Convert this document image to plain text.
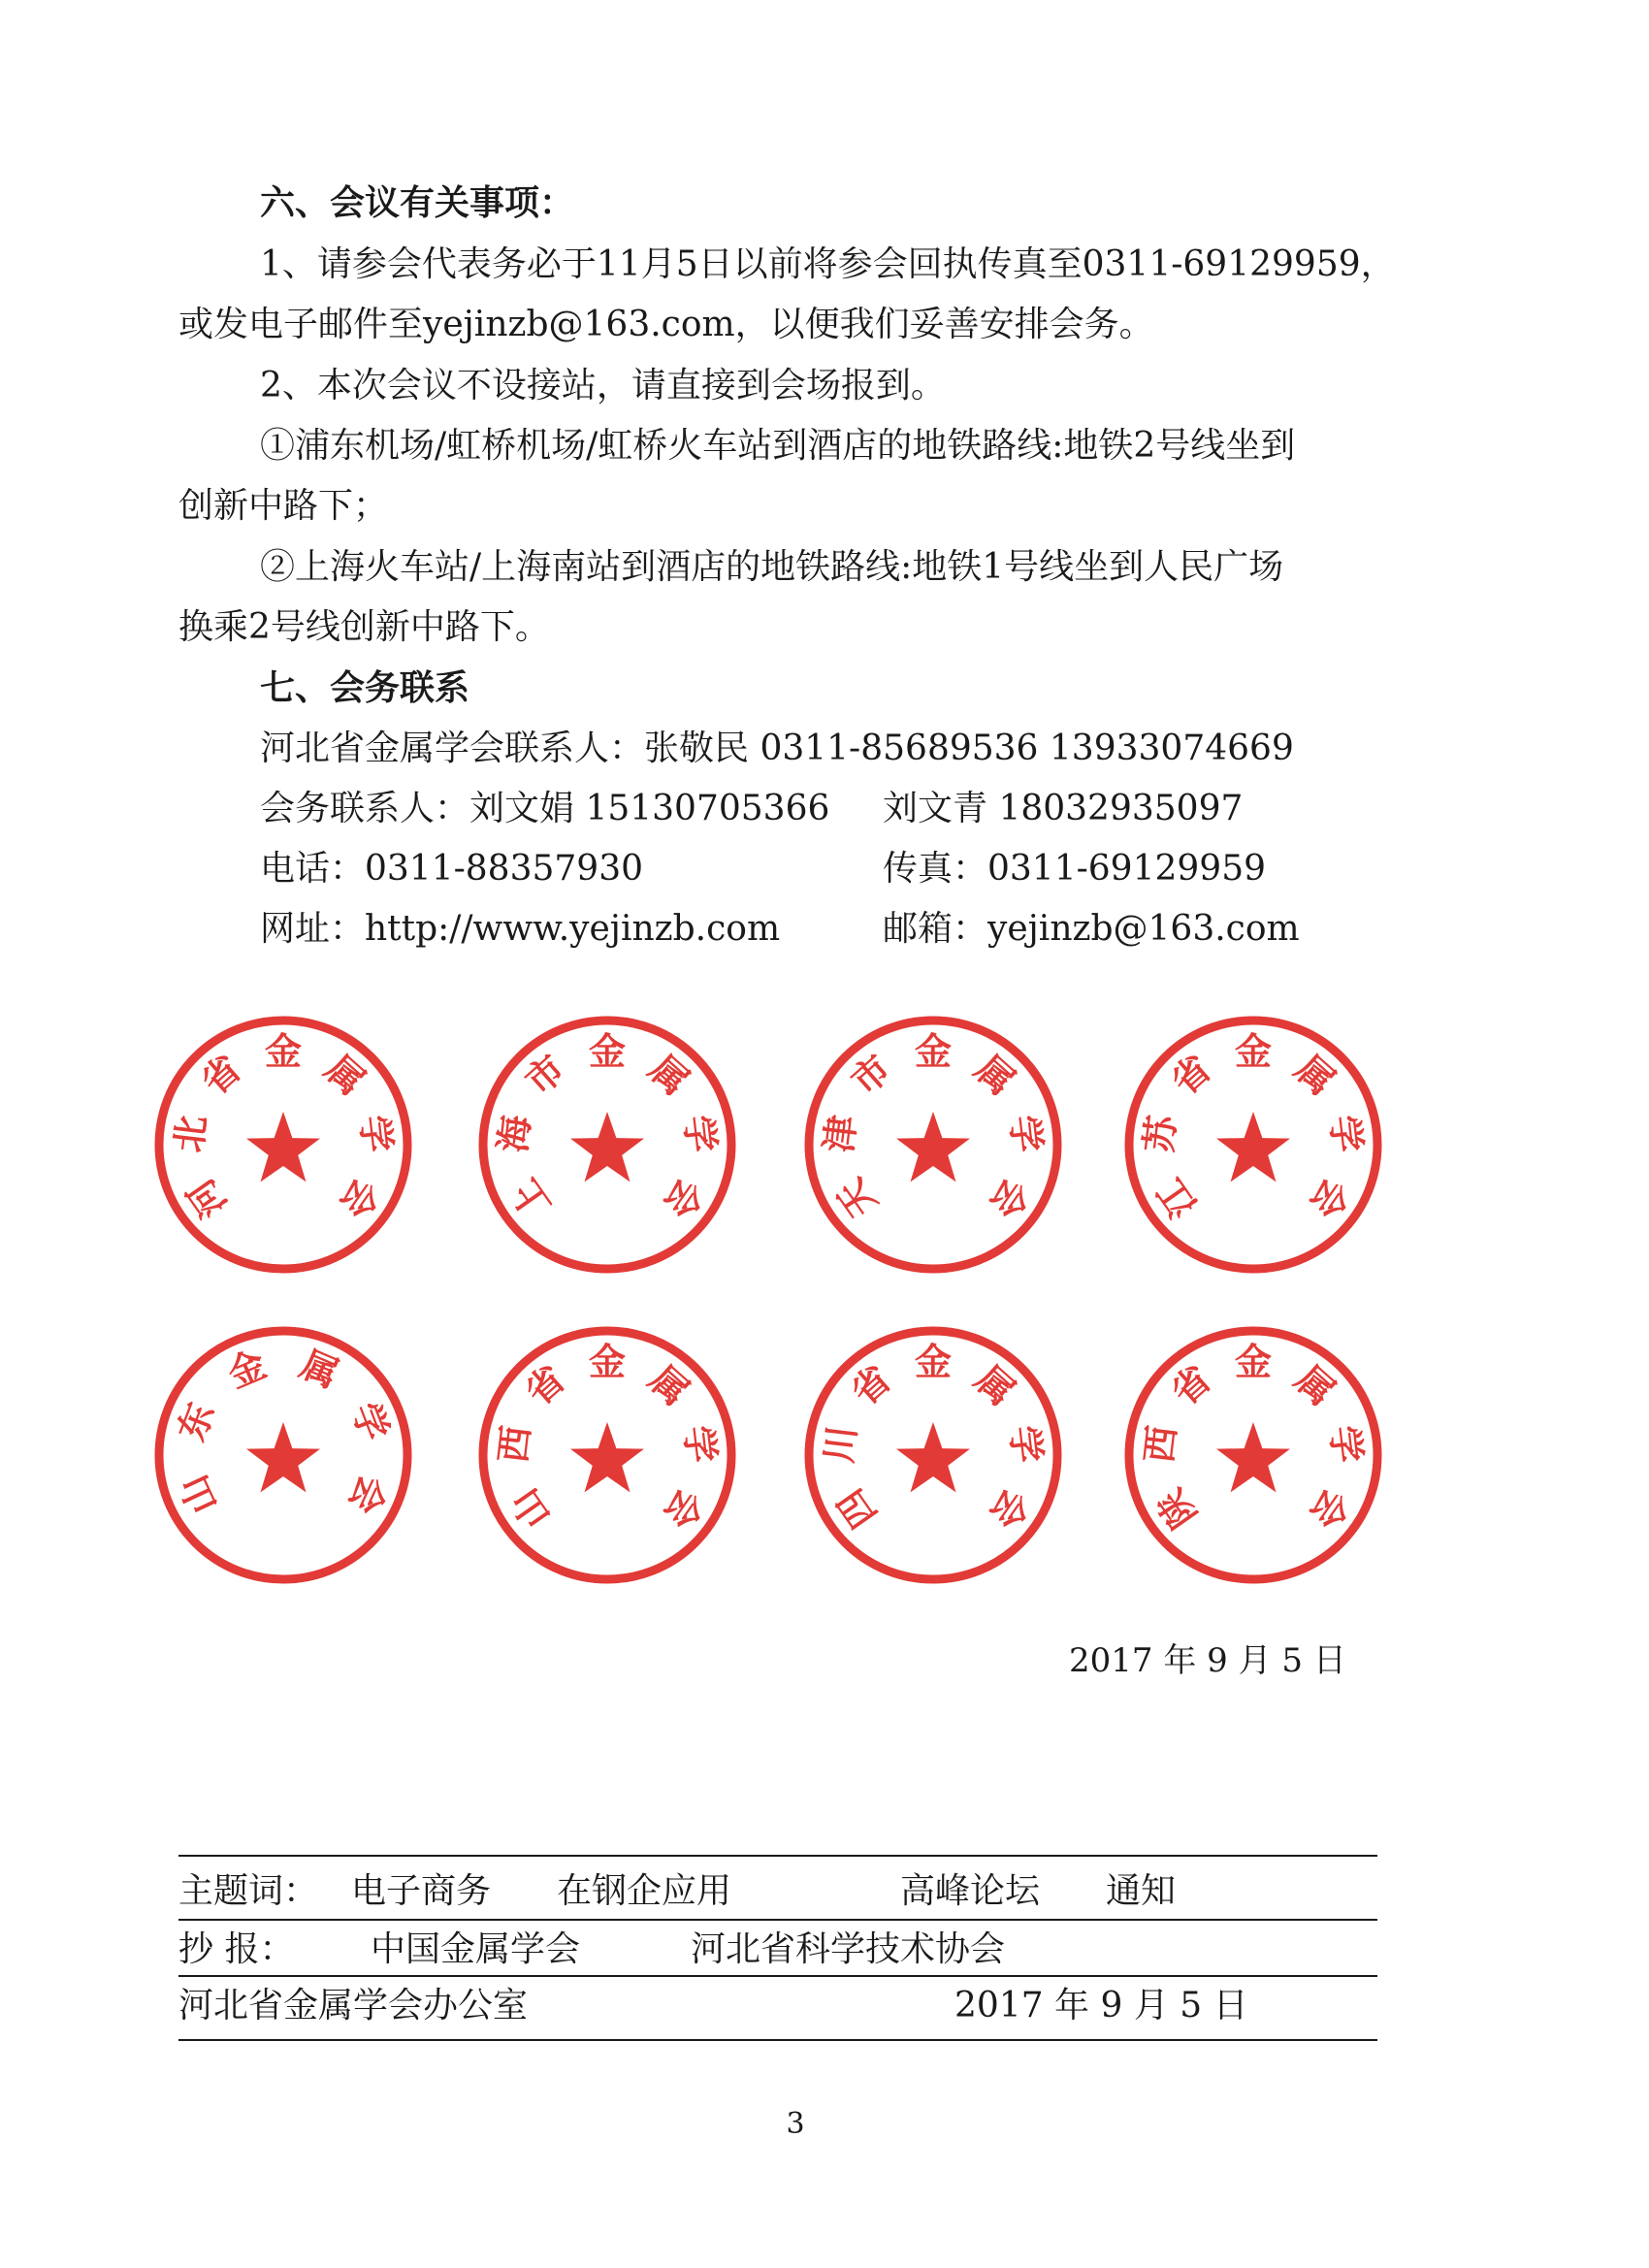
六、会议有关事项：
1、请参会代表务必于11月5日以前将参会回执传真至0311-69129959，
或发电子邮件至yejinzb@163.com，以便我们妥善安排会务。
2、本次会议不设接站，请直接到会场报到。
①浦东机场/虹桥机场/虹桥火车站到酒店的地铁路线:地铁2号线坐到
创新中路下；
②上海火车站/上海南站到酒店的地铁路线:地铁1号线坐到人民广场
换乘2号线创新中路下。
七、会务联系
河北省金属学会联系人：张敬民 0311-85689536 13933074669
会务联系人：刘文娟 15130705366 刘文青 18032935097
电话：0311-88357930	传真：0311-69129959
网址：http://www.yejinzb.com	邮箱：yejinzb@163.com
河
北
省 金 属
学
会	上
海
市 金 属
学
会	天
津
市 金 属
学
会	江
苏
省 金 属
学
会
山
东
金 属
学
会	山
西
省 金 属
学
会	四
川
省 金 属
学
会	陕
西
省 金 属
学
会
2017 年 9 月 5 日
主题词： 电子商务 在钢企应用	高峰论坛 通知
抄 报： 中国金属学会	河北省科学技术协会
河北省金属学会办公室	2017 年 9 月 5 日
3
